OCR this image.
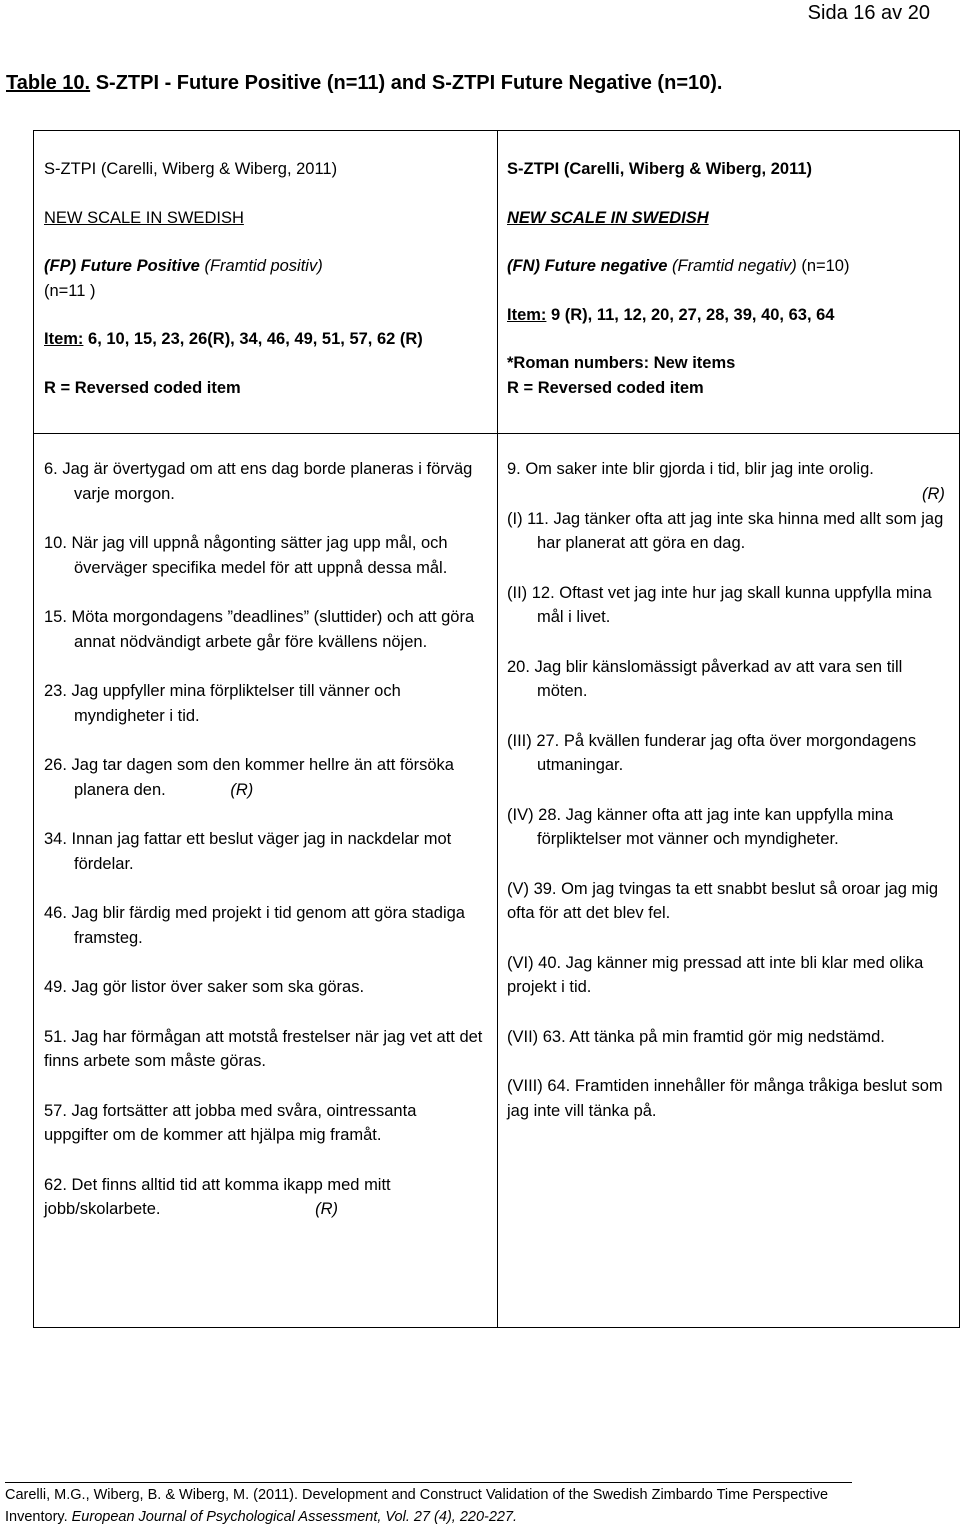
Sida 16 av 20
Table 10. S-ZTPI - Future Positive (n=11) and S-ZTPI Future Negative (n=10).

S-ZTPI (Carelli, Wiberg & Wiberg, 2011)

NEW SCALE IN SWEDISH

(FP) Future Positive (Framtid positiv)

(n=11 )

Item: 6, 10, 15, 23, 26(R), 34, 46, 49, 51, 57, 62 (R)

R = Reversed coded item

S-ZTPI (Carelli, Wiberg & Wiberg, 2011)

NEW SCALE IN SWEDISH

(FN) Future negative (Framtid negativ) (n=10)

Item: 9 (R), 11, 12, 20, 27, 28, 39, 40, 63, 64

*Roman numbers: New items

R = Reversed coded item

6. Jag är övertygad om att ens dag borde planeras i förväg varje morgon.

10. När jag vill uppnå någonting sätter jag upp mål, och överväger specifika medel för att uppnå dessa mål.

15. Möta morgondagens ”deadlines” (sluttider) och att göra annat nödvändigt arbete går före kvällens nöjen.

23. Jag uppfyller mina förpliktelser till vänner och myndigheter i tid.

26. Jag tar dagen som den kommer hellre än att försöka planera den.	(R)

34. Innan jag fattar ett beslut väger jag in nackdelar mot fördelar.

46. Jag blir färdig med projekt i tid genom att göra stadiga framsteg.

49. Jag gör listor över saker som ska göras.

51. Jag har förmågan att motstå frestelser när jag vet att det finns arbete som måste göras.

57. Jag fortsätter att jobba med svåra, ointressanta uppgifter om de kommer att hjälpa mig framåt.

62. Det finns alltid tid att komma ikapp med mitt jobb/skolarbete.	(R)

9. Om saker inte blir gjorda i tid, blir jag inte orolig.

(R)

(I) 11. Jag tänker ofta att jag inte ska hinna med allt som jag har planerat att göra en dag.

(II) 12. Oftast vet jag inte hur jag skall kunna uppfylla mina mål i livet.

20. Jag blir känslomässigt påverkad av att vara sen till möten.

(III) 27. På kvällen funderar jag ofta över morgondagens utmaningar.

(IV) 28. Jag känner ofta att jag inte kan uppfylla mina förpliktelser mot vänner och myndigheter.

(V) 39. Om jag tvingas ta ett snabbt beslut så oroar jag mig ofta för att det blev fel.

(VI) 40. Jag känner mig pressad att inte bli klar med olika projekt i tid.

(VII) 63. Att tänka på min framtid gör mig nedstämd.

(VIII) 64. Framtiden innehåller för många tråkiga beslut som jag inte vill tänka på.

Carelli, M.G., Wiberg, B. & Wiberg, M. (2011). Development and Construct Validation of the Swedish Zimbardo Time Perspective
Inventory. European Journal of Psychological Assessment, Vol. 27 (4), 220-227.
